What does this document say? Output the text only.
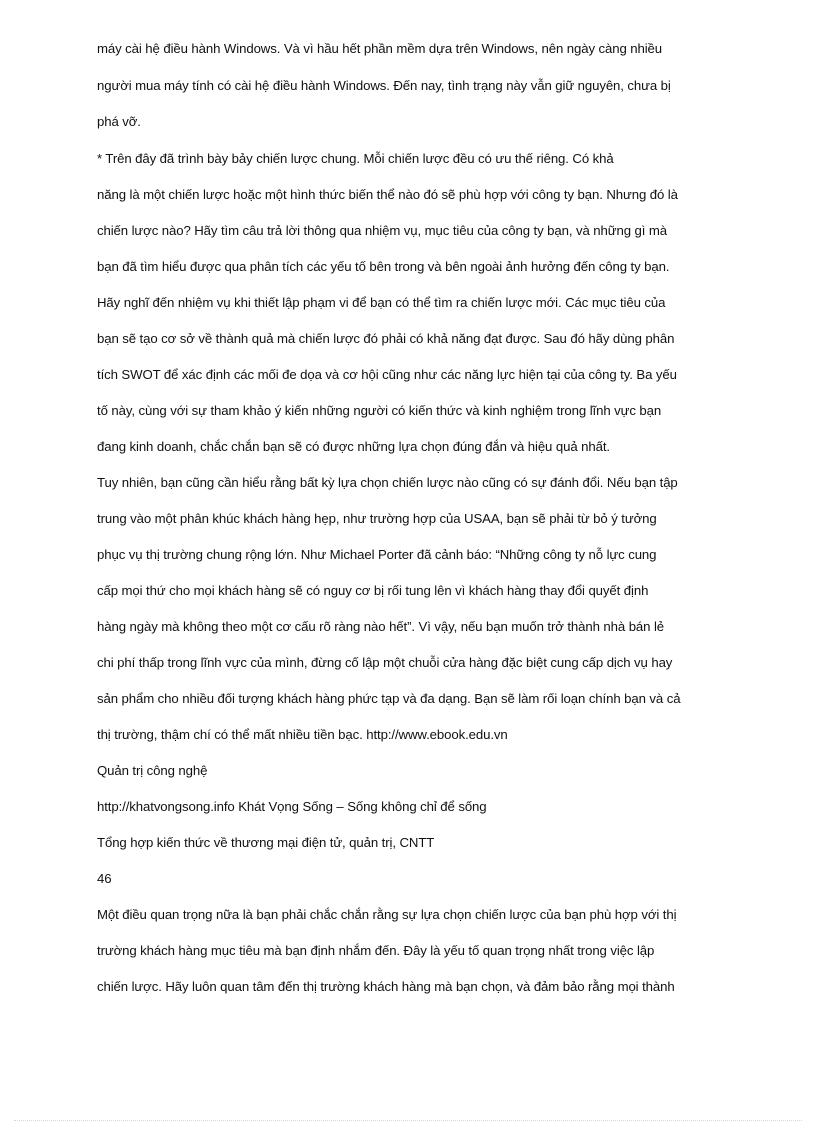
máy cài hệ điều hành Windows. Và vì hầu hết phần mềm dựa trên Windows, nên ngày càng nhiều
người mua máy tính có cài hệ điều hành Windows. Đến nay, tình trạng này vẫn giữ nguyên, chưa bị
phá vỡ.
* Trên đây đã trình bày bảy chiến lược chung. Mỗi chiến lược đều có ưu thế riêng. Có khả
năng là một chiến lược hoặc một hình thức biến thể nào đó sẽ phù hợp với công ty bạn. Nhưng đó là
chiến lược nào? Hãy tìm câu trả lời thông qua nhiệm vụ, mục tiêu của công ty bạn, và những gì mà
bạn đã tìm hiểu được qua phân tích các yếu tố bên trong và bên ngoài ảnh hưởng đến công ty bạn.
Hãy nghĩ đến nhiệm vụ khi thiết lập phạm vi để bạn có thể tìm ra chiến lược mới. Các mục tiêu của
bạn sẽ tạo cơ sở về thành quả mà chiến lược đó phải có khả năng đạt được. Sau đó hãy dùng phân
tích SWOT để xác định các mối đe dọa và cơ hội cũng như các năng lực hiện tại của công ty. Ba yếu
tố này, cùng với sự tham khảo ý kiến những người có kiến thức và kinh nghiệm trong lĩnh vực bạn
đang kinh doanh, chắc chắn bạn sẽ có được những lựa chọn đúng đắn và hiệu quả nhất.
Tuy nhiên, bạn cũng cần hiểu rằng bất kỳ lựa chọn chiến lược nào cũng có sự đánh đổi. Nếu bạn tập
trung vào một phân khúc khách hàng hẹp, như trường hợp của USAA, bạn sẽ phải từ bỏ ý tưởng
phục vụ thị trường chung rộng lớn. Như Michael Porter đã cảnh báo: “Những công ty nỗ lực cung
cấp mọi thứ cho mọi khách hàng sẽ có nguy cơ bị rối tung lên vì khách hàng thay đổi quyết định
hàng ngày mà không theo một cơ cấu rõ ràng nào hết”. Vì vậy, nếu bạn muốn trở thành nhà bán lẻ
chi phí thấp trong lĩnh vực của mình, đừng cố lập một chuỗi cửa hàng đặc biệt cung cấp dịch vụ hay
sản phẩm cho nhiều đối tượng khách hàng phức tạp và đa dạng. Bạn sẽ làm rối loạn chính bạn và cả
thị trường, thậm chí có thể mất nhiều tiền bạc. http://www.ebook.edu.vn
Quản trị công nghệ
http://khatvongsong.info Khát Vọng Sống – Sống không chỉ để sống
Tổng hợp kiến thức về thương mại điện tử, quản trị, CNTT
46
Một điều quan trọng nữa là bạn phải chắc chắn rằng sự lựa chọn chiến lược của bạn phù hợp với thị
trường khách hàng mục tiêu mà bạn định nhắm đến. Đây là yếu tố quan trọng nhất trong việc lập
chiến lược. Hãy luôn quan tâm đến thị trường khách hàng mà bạn chọn, và đảm bảo rằng mọi thành
